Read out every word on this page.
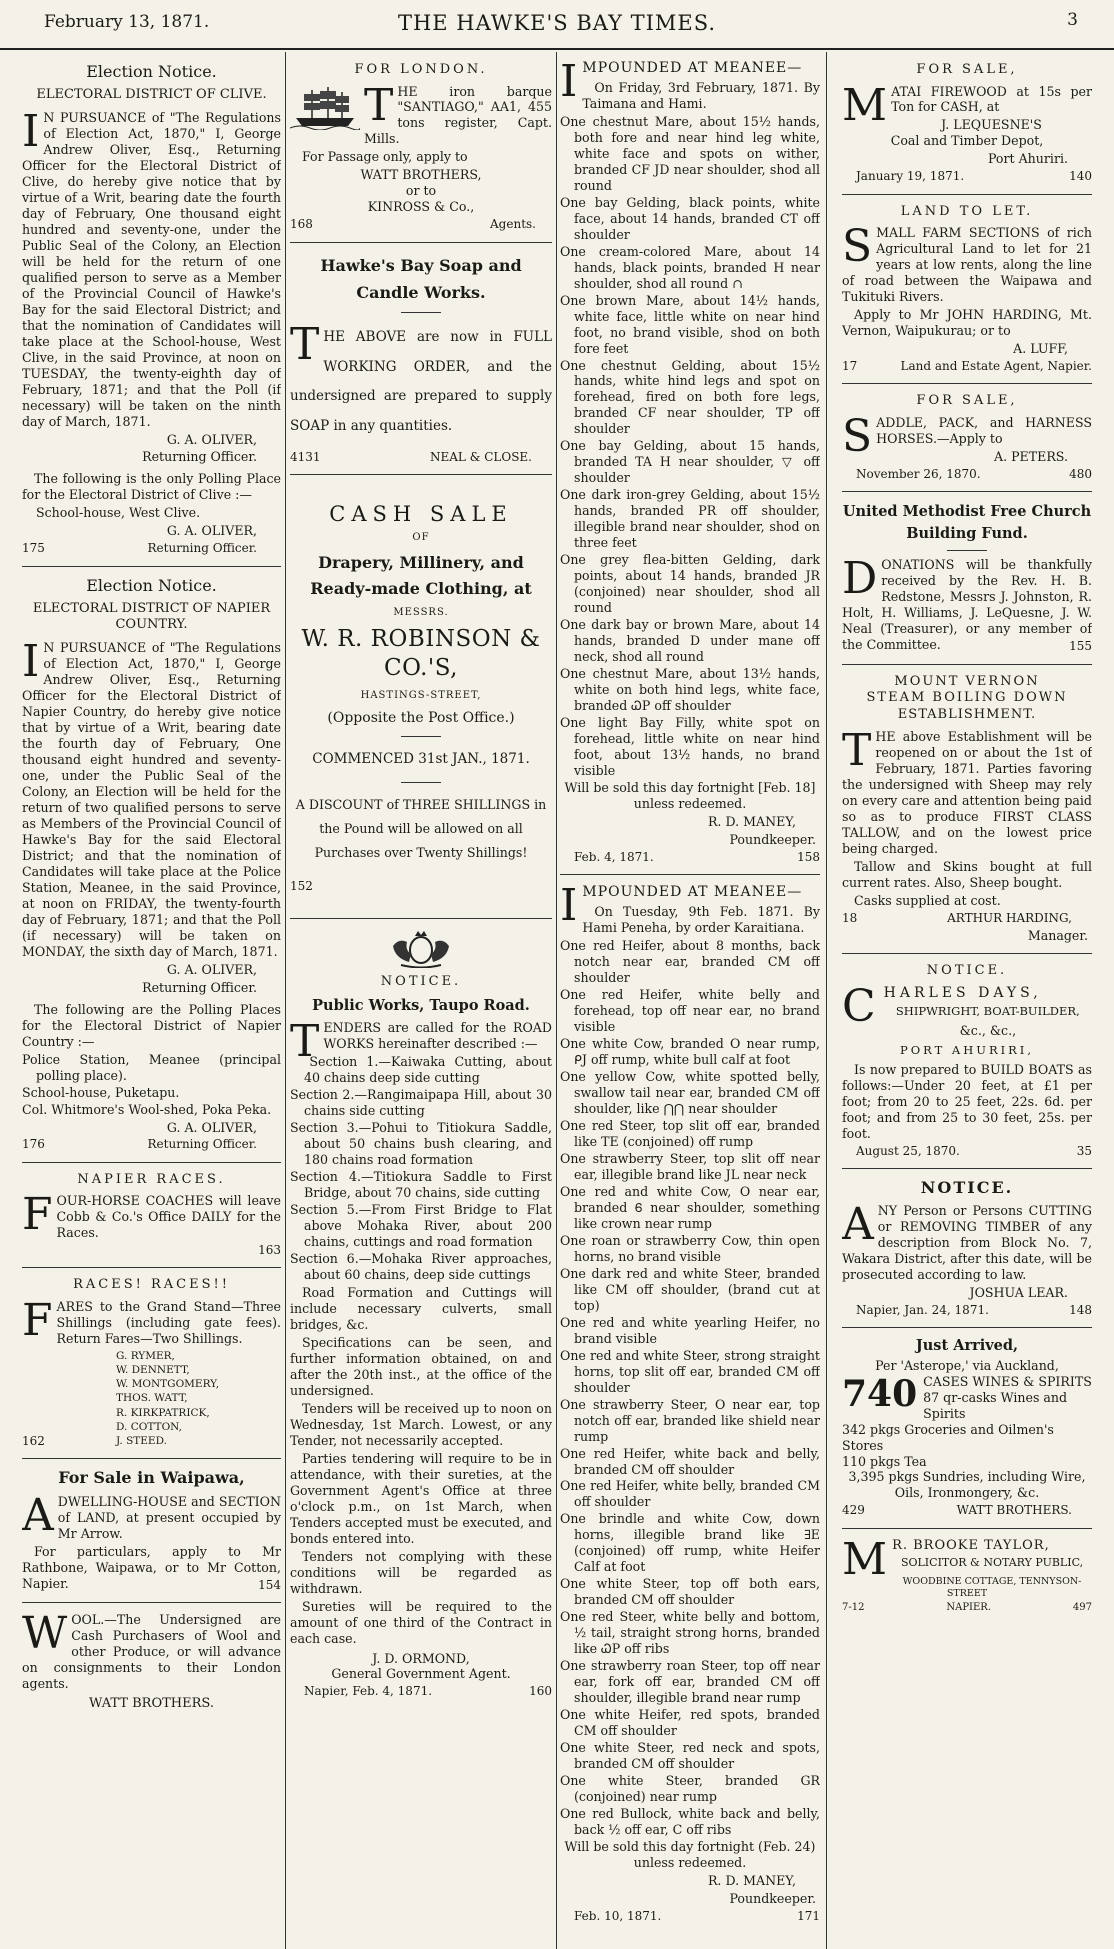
February 13, 1871.	THE HAWKE'S BAY TIMES.	3
Election Notice.
ELECTORAL DISTRICT OF CLIVE.
IN PURSUANCE of "The Regulations of Election Act, 1870," I, George Andrew Oliver, Esq., Returning Officer for the Electoral District of Clive, do hereby give notice that by virtue of a Writ, bearing date the fourth day of February, One thousand eight hundred and seventy-one, under the Public Seal of the Colony, an Election will be held for the return of one qualified person to serve as a Member of the Provincial Council of Hawke's Bay for the said Electoral District; and that the nomination of Candidates will take place at the School-house, West Clive, in the said Province, at noon on TUESDAY, the twenty-eighth day of February, 1871; and that the Poll (if necessary) will be taken on the ninth day of March, 1871.
G. A. OLIVER,
Returning Officer.
The following is the only Polling Place for the Electoral District of Clive :—
School-house, West Clive.
G. A. OLIVER,
175	Returning Officer.
Election Notice.
ELECTORAL DISTRICT OF NAPIER COUNTRY.
IN PURSUANCE of "The Regulations of Election Act, 1870," I, George Andrew Oliver, Esq., Returning Officer for the Electoral District of Napier Country, do hereby give notice that by virtue of a Writ, bearing date the fourth day of February, One thousand eight hundred and seventy-one, under the Public Seal of the Colony, an Election will be held for the return of two qualified persons to serve as Members of the Provincial Council of Hawke's Bay for the said Electoral District; and that the nomination of Candidates will take place at the Police Station, Meanee, in the said Province, at noon on FRIDAY, the twenty-fourth day of February, 1871; and that the Poll (if necessary) will be taken on MONDAY, the sixth day of March, 1871.
G. A. OLIVER,
Returning Officer.
The following are the Polling Places for the Electoral District of Napier Country :—
Police Station, Meanee (principal polling place).
School-house, Puketapu.
Col. Whitmore's Wool-shed, Poka Peka.
G. A. OLIVER,
176	Returning Officer.
NAPIER RACES.
FOUR-HORSE COACHES will leave Cobb & Co.'s Office DAILY for the Races.
163
RACES! RACES!!
FARES to the Grand Stand—Three Shillings (including gate fees). Return Fares—Two Shillings.
G. RYMER,
W. DENNETT,
W. MONTGOMERY,
THOS. WATT,
R. KIRKPATRICK,
D. COTTON,
J. STEED.
162
For Sale in Waipawa,
ADWELLING-HOUSE and SECTION of LAND, at present occupied by Mr Arrow.
For particulars, apply to Mr Rathbone, Waipawa, or to Mr Cotton, Napier.	154
WOOL.—The Undersigned are Cash Purchasers of Wool and other Produce, or will advance on consignments to their London agents.
WATT BROTHERS.
FOR LONDON.
THE iron barque "SANTIAGO," AA1, 455 tons register, Capt. Mills.
For Passage only, apply to
WATT BROTHERS,
or to
KINROSS & Co.,
168	Agents.
Hawke's Bay Soap and Candle Works.
THE ABOVE are now in FULL WORKING ORDER, and the undersigned are prepared to supply SOAP in any quantities.
4131	NEAL & CLOSE.
CASH SALE
OF
Drapery, Millinery, and Ready-made Clothing, at
MESSRS.
W. R. ROBINSON & CO.'S,
HASTINGS-STREET,
(Opposite the Post Office.)
COMMENCED 31st JAN., 1871.
A DISCOUNT of THREE SHILLINGS in the Pound will be allowed on all Purchases over Twenty Shillings!
152
NOTICE.
Public Works, Taupo Road.
TENDERS are called for the ROAD WORKS hereinafter described :—
Section 1.—Kaiwaka Cutting, about 40 chains deep side cutting
Section 2.—Rangimaipapa Hill, about 30 chains side cutting
Section 3.—Pohui to Titiokura Saddle, about 50 chains bush clearing, and 180 chains road formation
Section 4.—Titiokura Saddle to First Bridge, about 70 chains, side cutting
Section 5.—From First Bridge to Flat above Mohaka River, about 200 chains, cuttings and road formation
Section 6.—Mohaka River approaches, about 60 chains, deep side cuttings
Road Formation and Cuttings will include necessary culverts, small bridges, &c.
Specifications can be seen, and further information obtained, on and after the 20th inst., at the office of the undersigned.
Tenders will be received up to noon on Wednesday, 1st March. Lowest, or any Tender, not necessarily accepted.
Parties tendering will require to be in attendance, with their sureties, at the Government Agent's Office at three o'clock p.m., on 1st March, when Tenders accepted must be executed, and bonds entered into.
Tenders not complying with these conditions will be regarded as withdrawn.
Sureties will be required to the amount of one third of the Contract in each case.
J. D. ORMOND,
General Government Agent.
Napier, Feb. 4, 1871.	160
IMPOUNDED AT MEANEE—
On Friday, 3rd February, 1871. By Taimana and Hami.
One chestnut Mare, about 15½ hands, both fore and near hind leg white, white face and spots on wither, branded CF JD near shoulder, shod all round
One bay Gelding, black points, white face, about 14 hands, branded CT off shoulder
One cream-colored Mare, about 14 hands, black points, branded H near shoulder, shod all round ∩
One brown Mare, about 14½ hands, white face, little white on near hind foot, no brand visible, shod on both fore feet
One chestnut Gelding, about 15½ hands, white hind legs and spot on forehead, fired on both fore legs, branded CF near shoulder, TP off shoulder
One bay Gelding, about 15 hands, branded TA H near shoulder, ▽ off shoulder
One dark iron-grey Gelding, about 15½ hands, branded PR off shoulder, illegible brand near shoulder, shod on three feet
One grey flea-bitten Gelding, dark points, about 14 hands, branded JR (conjoined) near shoulder, shod all round
One dark bay or brown Mare, about 14 hands, branded D under mane off neck, shod all round
One chestnut Mare, about 13½ hands, white on both hind legs, white face, branded ᏇP off shoulder
One light Bay Filly, white spot on forehead, little white on near hind foot, about 13½ hands, no brand visible
Will be sold this day fortnight [Feb. 18] unless redeemed.
R. D. MANEY,
Poundkeeper.
Feb. 4, 1871.	158
IMPOUNDED AT MEANEE—
On Tuesday, 9th Feb. 1871. By Hami Peneha, by order Karaitiana.
One red Heifer, about 8 months, back notch near ear, branded CM off shoulder
One red Heifer, white belly and forehead, top off near ear, no brand visible
One white Cow, branded O near rump, ᑭJ off rump, white bull calf at foot
One yellow Cow, white spotted belly, swallow tail near ear, branded CM off shoulder, like ⋂⋂ near shoulder
One red Steer, top slit off ear, branded like TE (conjoined) off rump
One strawberry Steer, top slit off near ear, illegible brand like JL near neck
One red and white Cow, O near ear, branded Ꮾ near shoulder, something like crown near rump
One roan or strawberry Cow, thin open horns, no brand visible
One dark red and white Steer, branded like CM off shoulder, (brand cut at top)
One red and white yearling Heifer, no brand visible
One red and white Steer, strong straight horns, top slit off ear, branded CM off shoulder
One strawberry Steer, O near ear, top notch off ear, branded like shield near rump
One red Heifer, white back and belly, branded CM off shoulder
One red Heifer, white belly, branded CM off shoulder
One brindle and white Cow, down horns, illegible brand like ∃E (conjoined) off rump, white Heifer Calf at foot
One white Steer, top off both ears, branded CM off shoulder
One red Steer, white belly and bottom, ½ tail, straight strong horns, branded like ᏇP off ribs
One strawberry roan Steer, top off near ear, fork off ear, branded CM off shoulder, illegible brand near rump
One white Heifer, red spots, branded CM off shoulder
One white Steer, red neck and spots, branded CM off shoulder
One white Steer, branded GR (conjoined) near rump
One red Bullock, white back and belly, back ½ off ear, C off ribs
Will be sold this day fortnight (Feb. 24) unless redeemed.
R. D. MANEY,
Poundkeeper.
Feb. 10, 1871.	171
FOR SALE,
MATAI FIREWOOD at 15s per Ton for CASH, at
J. LEQUESNE'S
Coal and Timber Depot,
Port Ahuriri.
January 19, 1871.	140
LAND TO LET.
SMALL FARM SECTIONS of rich Agricultural Land to let for 21 years at low rents, along the line of road between the Waipawa and Tukituki Rivers.
Apply to Mr JOHN HARDING, Mt. Vernon, Waipukurau; or to
A. LUFF,
17	Land and Estate Agent, Napier.
FOR SALE,
SADDLE, PACK, and HARNESS HORSES.—Apply to
A. PETERS.
November 26, 1870.	480
United Methodist Free Church Building Fund.
DONATIONS will be thankfully received by the Rev. H. B. Redstone, Messrs J. Johnston, R. Holt, H. Williams, J. LeQuesne, J. W. Neal (Treasurer), or any member of the Committee.	155
MOUNT VERNON
STEAM BOILING DOWN
ESTABLISHMENT.
THE above Establishment will be reopened on or about the 1st of February, 1871. Parties favoring the undersigned with Sheep may rely on every care and attention being paid so as to produce FIRST CLASS TALLOW, and on the lowest price being charged.
Tallow and Skins bought at full current rates. Also, Sheep bought.
Casks supplied at cost.
18	ARTHUR HARDING,
Manager.
NOTICE.
CHARLES DAYS,
SHIPWRIGHT, BOAT-BUILDER,
&c., &c.,
PORT AHURIRI,
Is now prepared to BUILD BOATS as follows:—Under 20 feet, at £1 per foot; from 20 to 25 feet, 22s. 6d. per foot; and from 25 to 30 feet, 25s. per foot.
August 25, 1870.	35
NOTICE.
ANY Person or Persons CUTTING or REMOVING TIMBER of any description from Block No. 7, Wakara District, after this date, will be prosecuted according to law.
JOSHUA LEAR.
Napier, Jan. 24, 1871.	148
Just Arrived,
Per 'Asterope,' via Auckland,
740 CASES WINES & SPIRITS
87 qr-casks Wines and Spirits
342 pkgs Groceries and Oilmen's Stores
110 pkgs Tea
3,395 pkgs Sundries, including Wire, Oils, Ironmongery, &c.
429	WATT BROTHERS.
MR. BROOKE TAYLOR,
SOLICITOR & NOTARY PUBLIC,
WOODBINE COTTAGE, TENNYSON-STREET
7-12	NAPIER.	497
